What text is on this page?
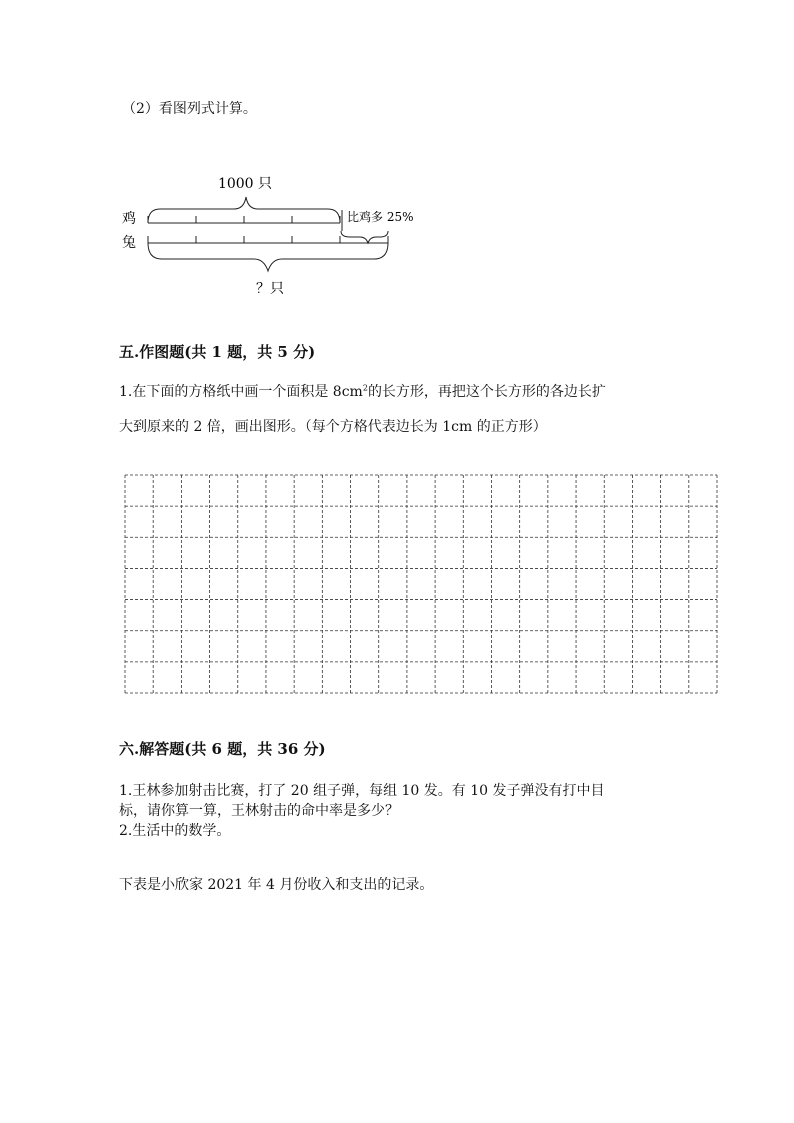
（2）看图列式计算。
1000 只
鸡	比鸡多 25%
兔
？只
五.作图题(共 1 题，共 5 分)
1.在下面的方格纸中画一个面积是 $8cm^2$的长方形，再把这个长方形的各边长扩
大到原来的 2 倍，画出图形。（每个方格代表边长为 1cm 的正方形）
六.解答题(共 6 题，共 36 分)
1.王林参加射击比赛，打了 20 组子弹，每组 10 发。有 10 发子弹没有打中目
标，请你算一算，王林射击的命中率是多少？
2.生活中的数学。
下表是小欣家 2021 年 4 月份收入和支出的记录。
